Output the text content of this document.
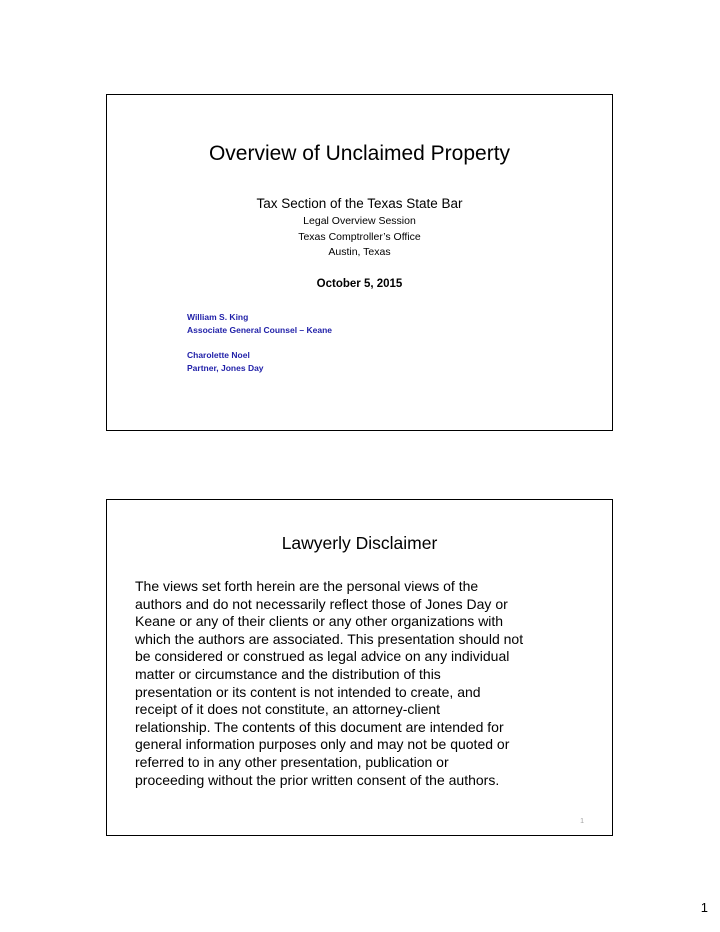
Overview of Unclaimed Property
Tax Section of the Texas State Bar
Legal Overview Session
Texas Comptroller’s Office
Austin, Texas
October 5, 2015
William S. King
Associate General Counsel – Keane
Charolette Noel
Partner, Jones Day
Lawyerly Disclaimer
The views set forth herein are the personal views of the
authors and do not necessarily reflect those of Jones Day or
Keane or any of their clients or any other organizations with
which the authors are associated. This presentation should not
be considered or construed as legal advice on any individual
matter or circumstance and the distribution of this
presentation or its content is not intended to create, and
receipt of it does not constitute, an attorney-client
relationship. The contents of this document are intended for
general information purposes only and may not be quoted or
referred to in any other presentation, publication or
proceeding without the prior written consent of the authors.
1
1
